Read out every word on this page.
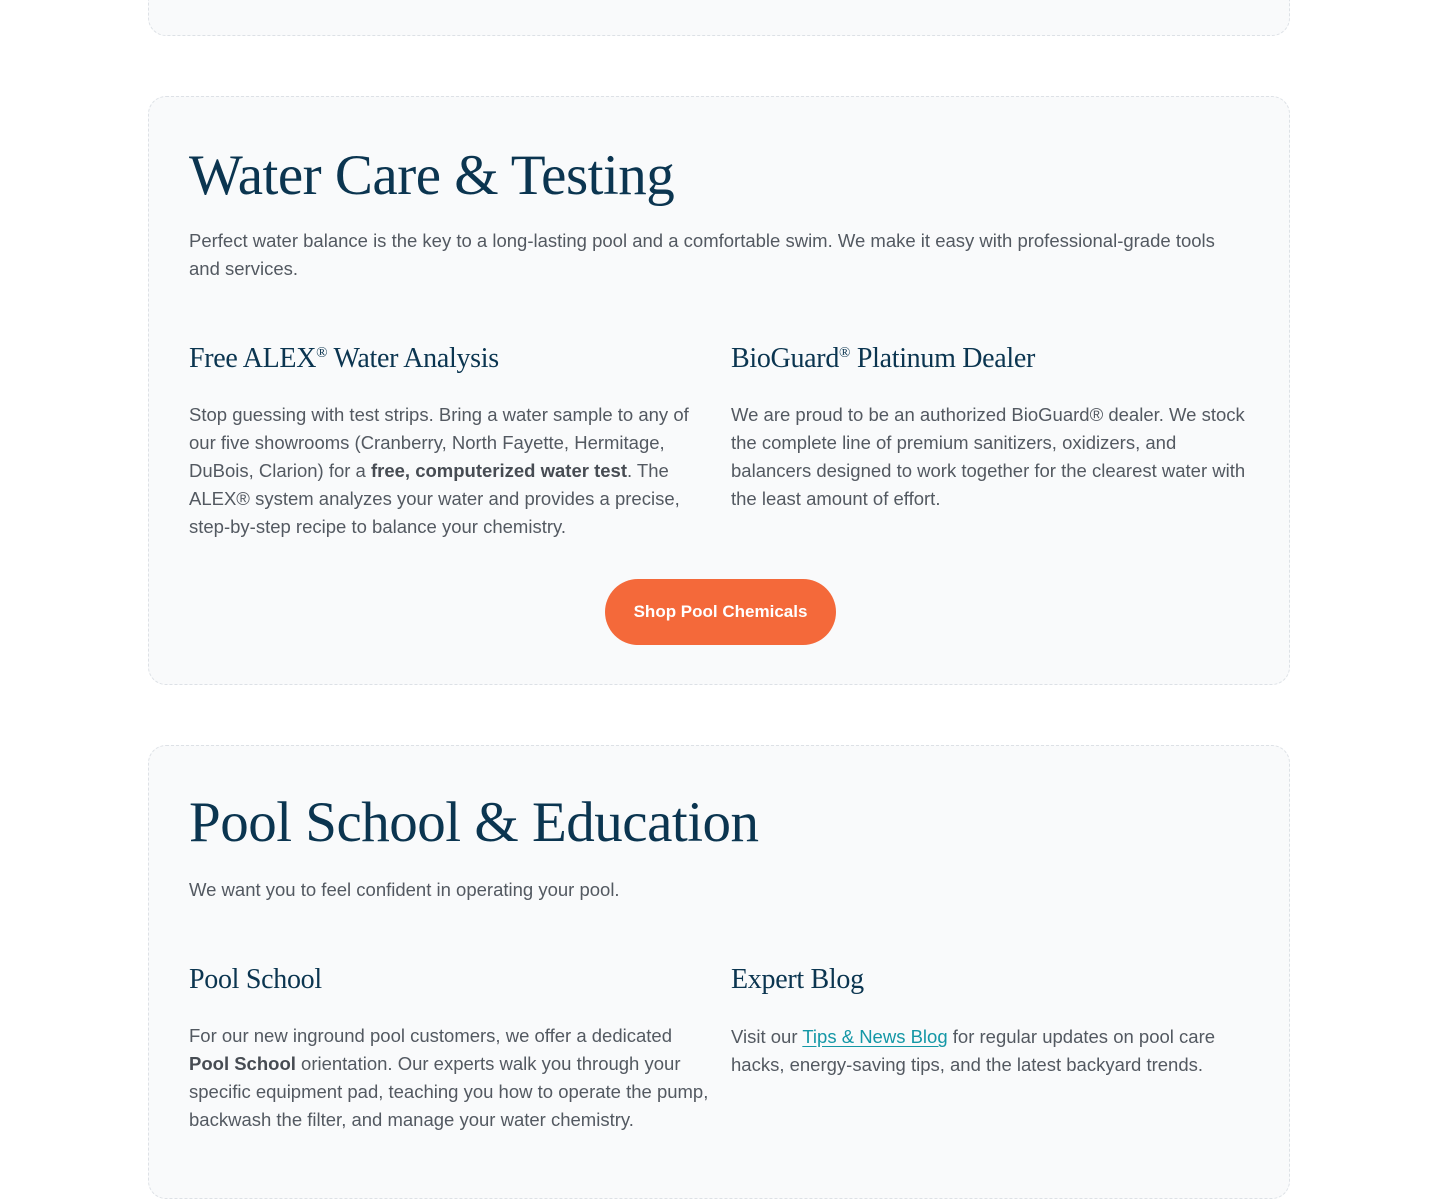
Water Care & Testing

Perfect water balance is the key to a long-lasting pool and a comfortable swim. We make it easy with professional-grade tools and services.

Free ALEX® Water Analysis

Stop guessing with test strips. Bring a water sample to any of our five showrooms (Cranberry, North Fayette, Hermitage, DuBois, Clarion) for a free, computerized water test. The ALEX® system analyzes your water and provides a precise, step-by-step recipe to balance your chemistry.

BioGuard® Platinum Dealer

We are proud to be an authorized BioGuard® dealer. We stock the complete line of premium sanitizers, oxidizers, and balancers designed to work together for the clearest water with the least amount of effort.

Shop Pool Chemicals
Pool School & Education

We want you to feel confident in operating your pool.

Pool School

For our new inground pool customers, we offer a dedicated Pool School orientation. Our experts walk you through your specific equipment pad, teaching you how to operate the pump, backwash the filter, and manage your water chemistry.

Expert Blog

Visit our Tips & News Blog for regular updates on pool care hacks, energy-saving tips, and the latest backyard trends.
